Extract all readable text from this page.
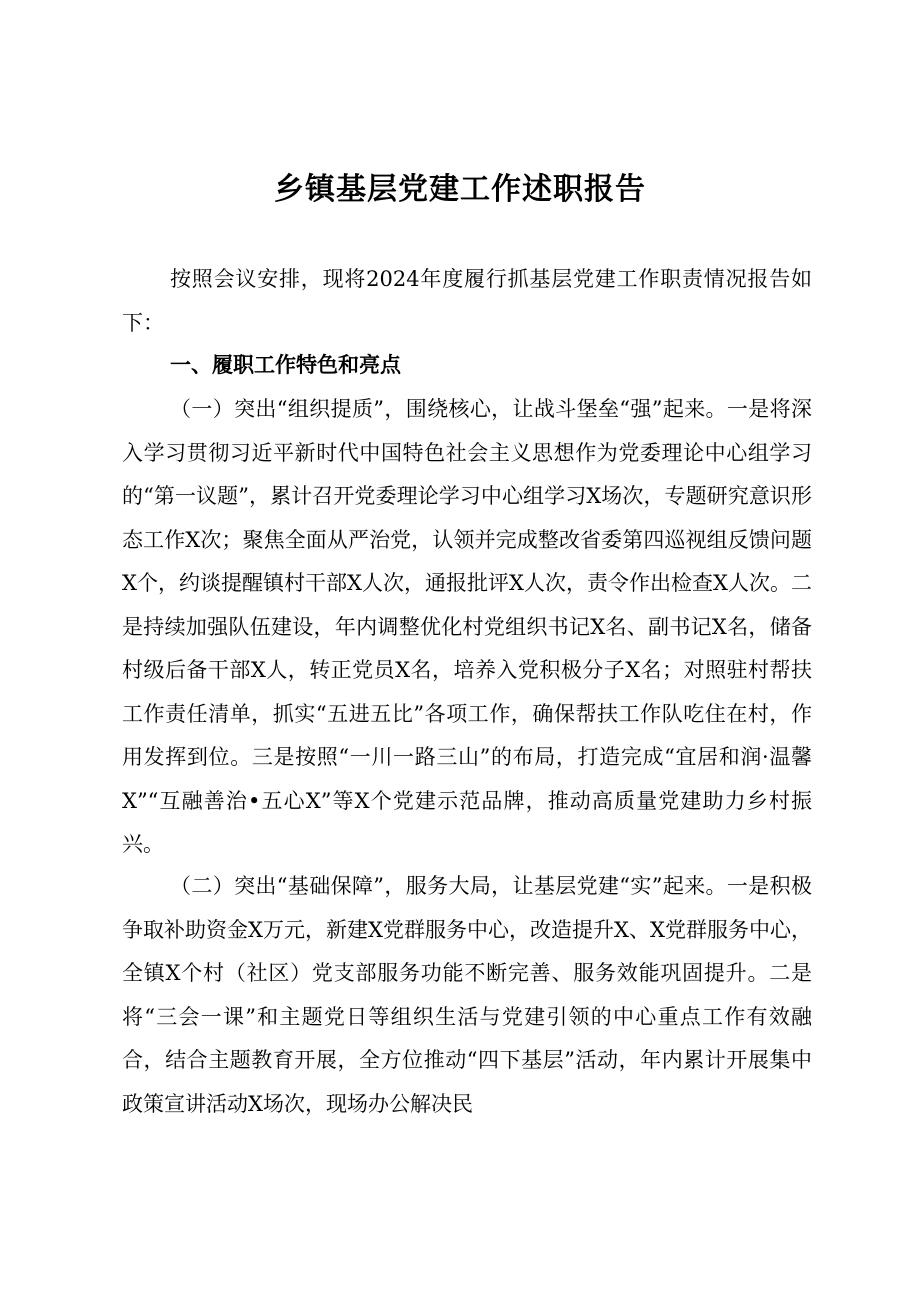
乡镇基层党建工作述职报告
按照会议安排，现将2024年度履行抓基层党建工作职责情况报告如下：
一、履职工作特色和亮点
（一）突出“组织提质”，围绕核心，让战斗堡垒“强”起来。一是将深入学习贯彻习近平新时代中国特色社会主义思想作为党委理论中心组学习的“第一议题”，累计召开党委理论学习中心组学习X场次，专题研究意识形态工作X次；聚焦全面从严治党，认领并完成整改省委第四巡视组反馈问题X个，约谈提醒镇村干部X人次，通报批评X人次，责令作出检查X人次。二是持续加强队伍建设，年内调整优化村党组织书记X名、副书记X名，储备村级后备干部X人，转正党员X名，培养入党积极分子X名；对照驻村帮扶工作责任清单，抓实“五进五比”各项工作，确保帮扶工作队吃住在村，作用发挥到位。三是按照“一川一路三山”的布局，打造完成“宜居和润·温馨X”“互融善治•五心X”等X个党建示范品牌，推动高质量党建助力乡村振兴。
（二）突出“基础保障”，服务大局，让基层党建“实”起来。一是积极争取补助资金X万元，新建X党群服务中心，改造提升X、X党群服务中心，全镇X个村（社区）党支部服务功能不断完善、服务效能巩固提升。二是将“三会一课”和主题党日等组织生活与党建引领的中心重点工作有效融合，结合主题教育开展，全方位推动“四下基层”活动，年内累计开展集中政策宣讲活动X场次，现场办公解决民
